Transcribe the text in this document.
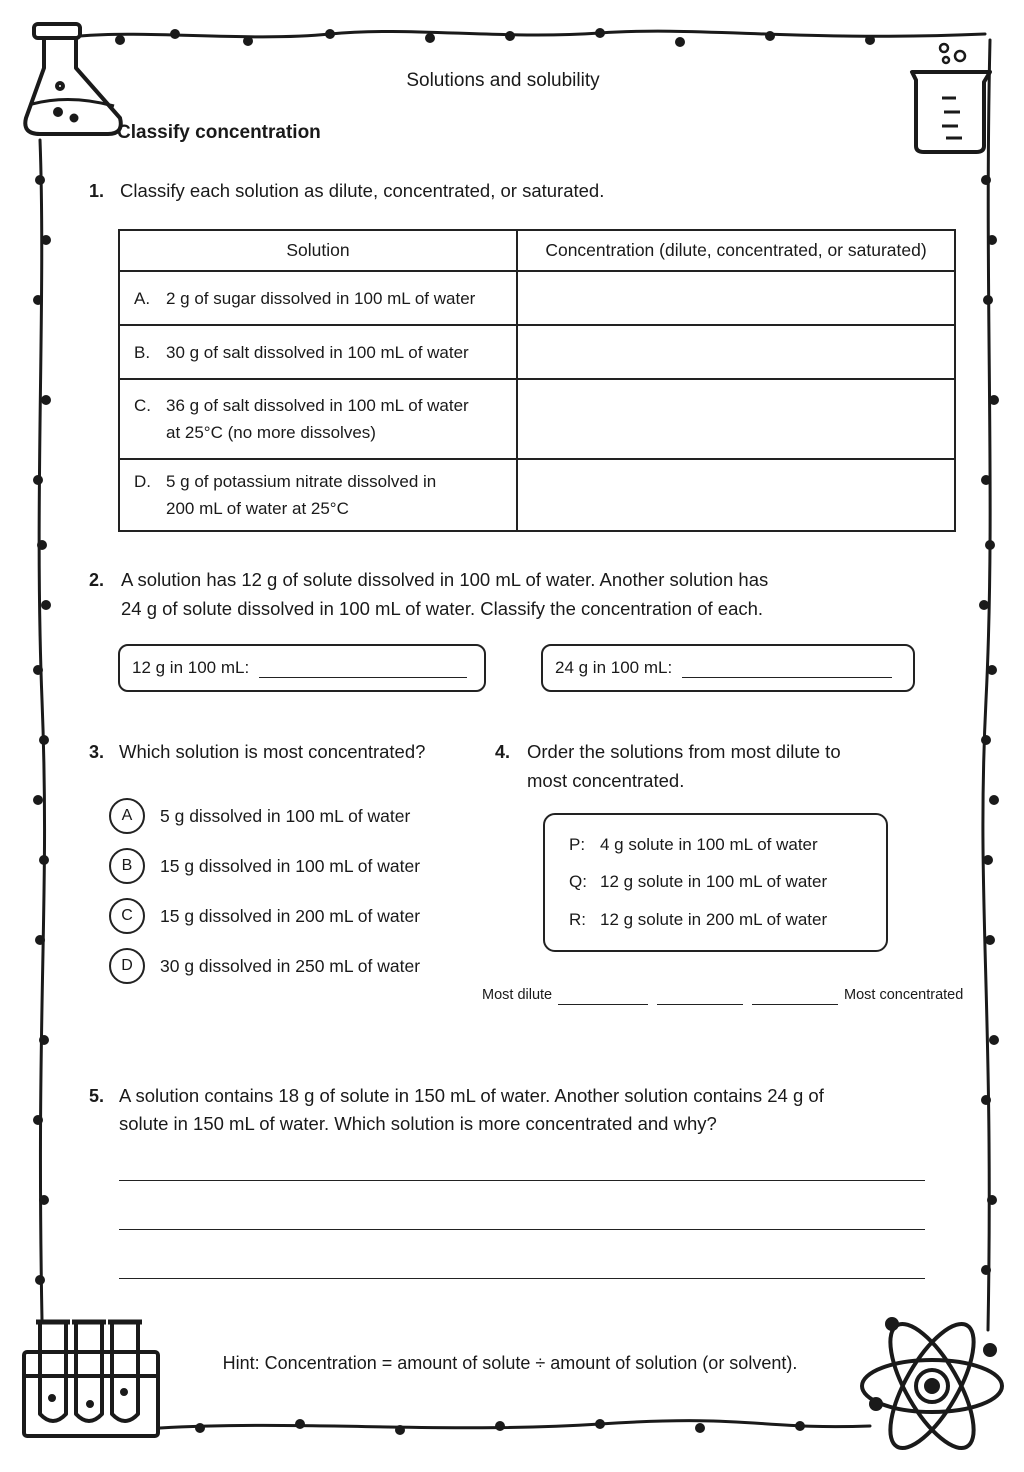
Solutions and solubility
Classify concentration
1. Classify each solution as dilute, concentrated, or saturated.
Solution	Concentration (dilute, concentrated, or saturated)

A. 2 g of sugar dissolved in 100 mL of water	

B. 30 g of salt dissolved in 100 mL of water	

C. 36 g of salt dissolved in 100 mL of water
at 25°C (no more dissolves)	

D. 5 g of potassium nitrate dissolved in
200 mL of water at 25°C	

2. A solution has 12 g of solute dissolved in 100 mL of water. Another solution has
24 g of solute dissolved in 100 mL of water. Classify the concentration of each.
12 g in 100 mL:	24 g in 100 mL:
3. Which solution is most concentrated?
A	5 g dissolved in 100 mL of water
B	15 g dissolved in 100 mL of water
C	15 g dissolved in 200 mL of water
D	30 g dissolved in 250 mL of water
4. Order the solutions from most dilute to
most concentrated.
P: 4 g solute in 100 mL of water
Q: 12 g solute in 100 mL of water
R: 12 g solute in 200 mL of water
Most dilute	Most concentrated
5. A solution contains 18 g of solute in 150 mL of water. Another solution contains 24 g of
solute in 150 mL of water. Which solution is more concentrated and why?
Hint: Concentration = amount of solute ÷ amount of solution (or solvent).
